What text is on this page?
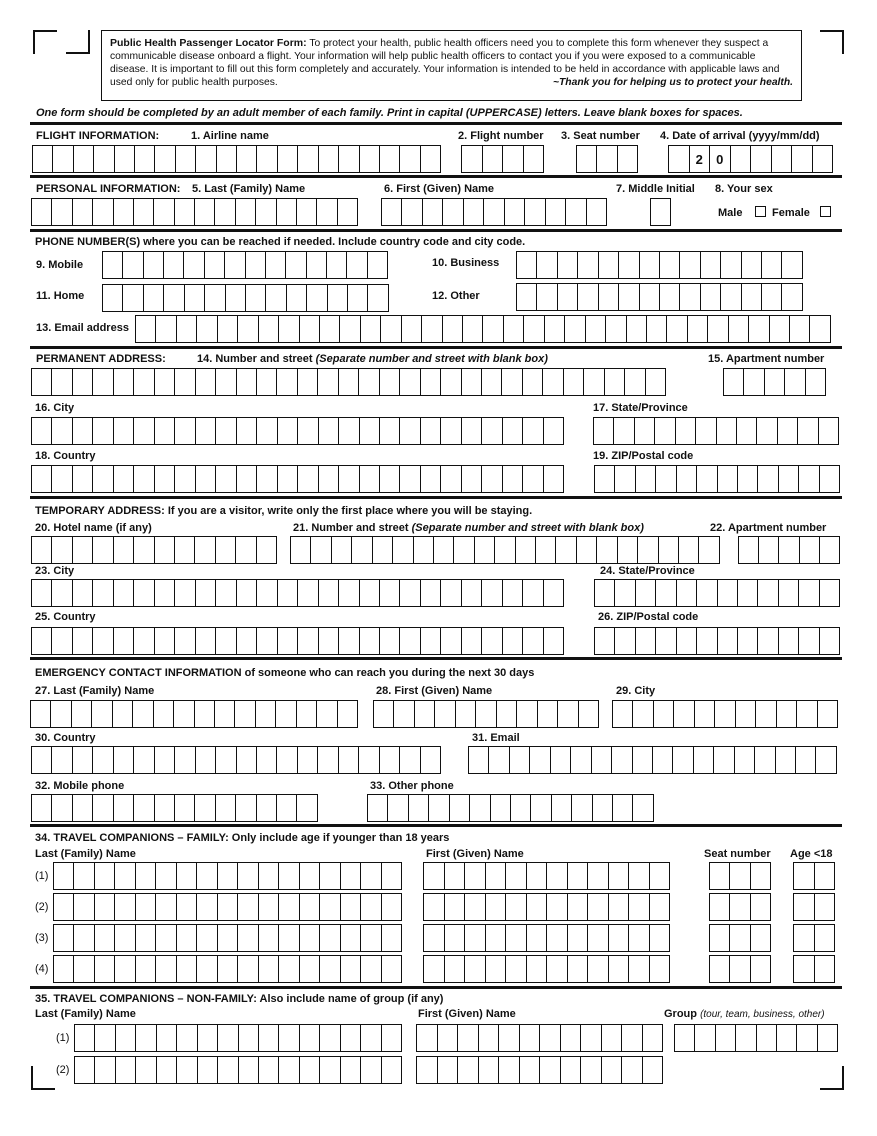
Public Health Passenger Locator Form: To protect your health, public health officers need you to complete this form whenever they suspect a communicable disease onboard a flight. Your information will help public health officers to contact you if you were exposed to a communicable disease. It is important to fill out this form completely and accurately. Your information is intended to be held in accordance with applicable laws and used only for public health purposes.	~Thank you for helping us to protect your health.
One form should be completed by an adult member of each family. Print in capital (UPPERCASE) letters. Leave blank boxes for spaces.
FLIGHT INFORMATION:	1. Airline name	2. Flight number 3. Seat number 4. Date of arrival (yyyy/mm/dd)
2	0
PERSONAL INFORMATION: 5. Last (Family) Name	6. First (Given) Name	7. Middle Initial 8. Your sex
Male	Female
PHONE NUMBER(S) where you can be reached if needed. Include country code and city code.
9. Mobile	10. Business
11. Home	12. Other
13. Email address
PERMANENT ADDRESS:	14. Number and street (Separate number and street with blank box)	15. Apartment number
16. City	17. State/Province
18. Country	19. ZIP/Postal code
TEMPORARY ADDRESS: If you are a visitor, write only the first place where you will be staying.
20. Hotel name (if any)	21. Number and street (Separate number and street with blank box)	22. Apartment number
23. City	24. State/Province
25. Country	26. ZIP/Postal code
EMERGENCY CONTACT INFORMATION of someone who can reach you during the next 30 days
27. Last (Family) Name	28. First (Given) Name	29. City
30. Country	31. Email
32. Mobile phone	33. Other phone
34. TRAVEL COMPANIONS – FAMILY: Only include age if younger than 18 years
Last (Family) Name	First (Given) Name	Seat number Age <18
(1)
(2)
(3)
(4)
35. TRAVEL COMPANIONS – NON-FAMILY: Also include name of group (if any)
Last (Family) Name	First (Given) Name	Group (tour, team, business, other)
(1)
(2)
